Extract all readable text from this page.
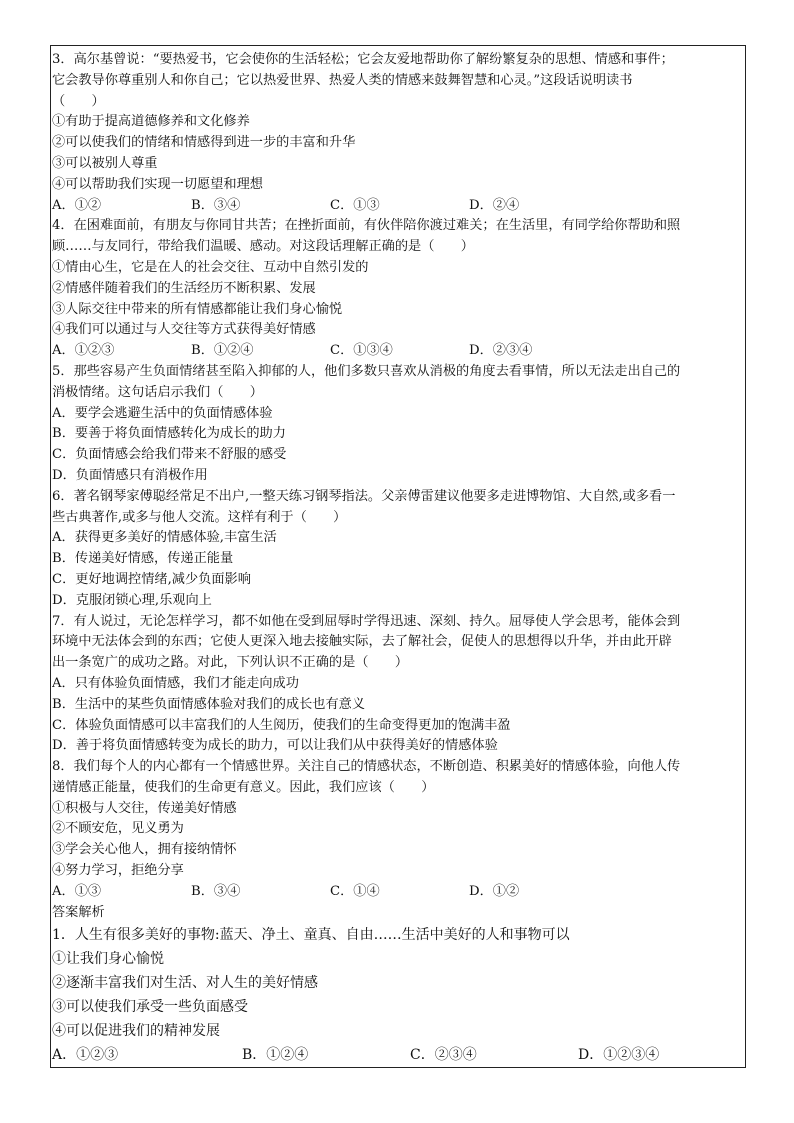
3．高尔基曾说：“要热爱书，它会使你的生活轻松；它会友爱地帮助你了解纷繁复杂的思想、情感和事件；
它会教导你尊重别人和你自己；它以热爱世界、热爱人类的情感来鼓舞智慧和心灵。”这段话说明读书
（　　）
①有助于提高道德修养和文化修养
②可以使我们的情绪和情感得到进一步的丰富和升华
③可以被别人尊重
④可以帮助我们实现一切愿望和理想
A．①②	B．③④	C．①③	D．②④
4．在困难面前，有朋友与你同甘共苦；在挫折面前，有伙伴陪你渡过难关；在生活里，有同学给你帮助和照
顾……与友同行，带给我们温暖、感动。对这段话理解正确的是（　　）
①情由心生，它是在人的社会交往、互动中自然引发的
②情感伴随着我们的生活经历不断积累、发展
③人际交往中带来的所有情感都能让我们身心愉悦
④我们可以通过与人交往等方式获得美好情感
A．①②③	B．①②④	C．①③④	D．②③④
5．那些容易产生负面情绪甚至陷入抑郁的人，他们多数只喜欢从消极的角度去看事情，所以无法走出自己的
消极情绪。这句话启示我们（　　）
A．要学会逃避生活中的负面情感体验
B．要善于将负面情感转化为成长的助力
C．负面情感会给我们带来不舒服的感受
D．负面情感只有消极作用
6．著名钢琴家傅聪经常足不出户,一整天练习钢琴指法。父亲傅雷建议他要多走进博物馆、大自然,或多看一
些古典著作,或多与他人交流。这样有利于（　　）
A．获得更多美好的情感体验,丰富生活
B．传递美好情感，传递正能量
C．更好地调控情绪,减少负面影响
D．克服闭锁心理,乐观向上
7．有人说过，无论怎样学习，都不如他在受到屈辱时学得迅速、深刻、持久。屈辱使人学会思考，能体会到
环境中无法体会到的东西；它使人更深入地去接触实际，去了解社会，促使人的思想得以升华，并由此开辟
出一条宽广的成功之路。对此，下列认识不正确的是（　　）
A．只有体验负面情感，我们才能走向成功
B．生活中的某些负面情感体验对我们的成长也有意义
C．体验负面情感可以丰富我们的人生阅历，使我们的生命变得更加的饱满丰盈
D．善于将负面情感转变为成长的助力，可以让我们从中获得美好的情感体验
8．我们每个人的内心都有一个情感世界。关注自己的情感状态，不断创造、积累美好的情感体验，向他人传
递情感正能量，使我们的生命更有意义。因此，我们应该（　　）
①积极与人交往，传递美好情感
②不顾安危，见义勇为
③学会关心他人，拥有接纳情怀
④努力学习，拒绝分享
A．①③	B．③④	C．①④	D．①②
答案解析
1．人生有很多美好的事物:蓝天、净土、童真、自由……生活中美好的人和事物可以
①让我们身心愉悦
②逐渐丰富我们对生活、对人生的美好情感
③可以使我们承受一些负面感受
④可以促进我们的精神发展
A．①②③	B．①②④	C．②③④	D．①②③④
